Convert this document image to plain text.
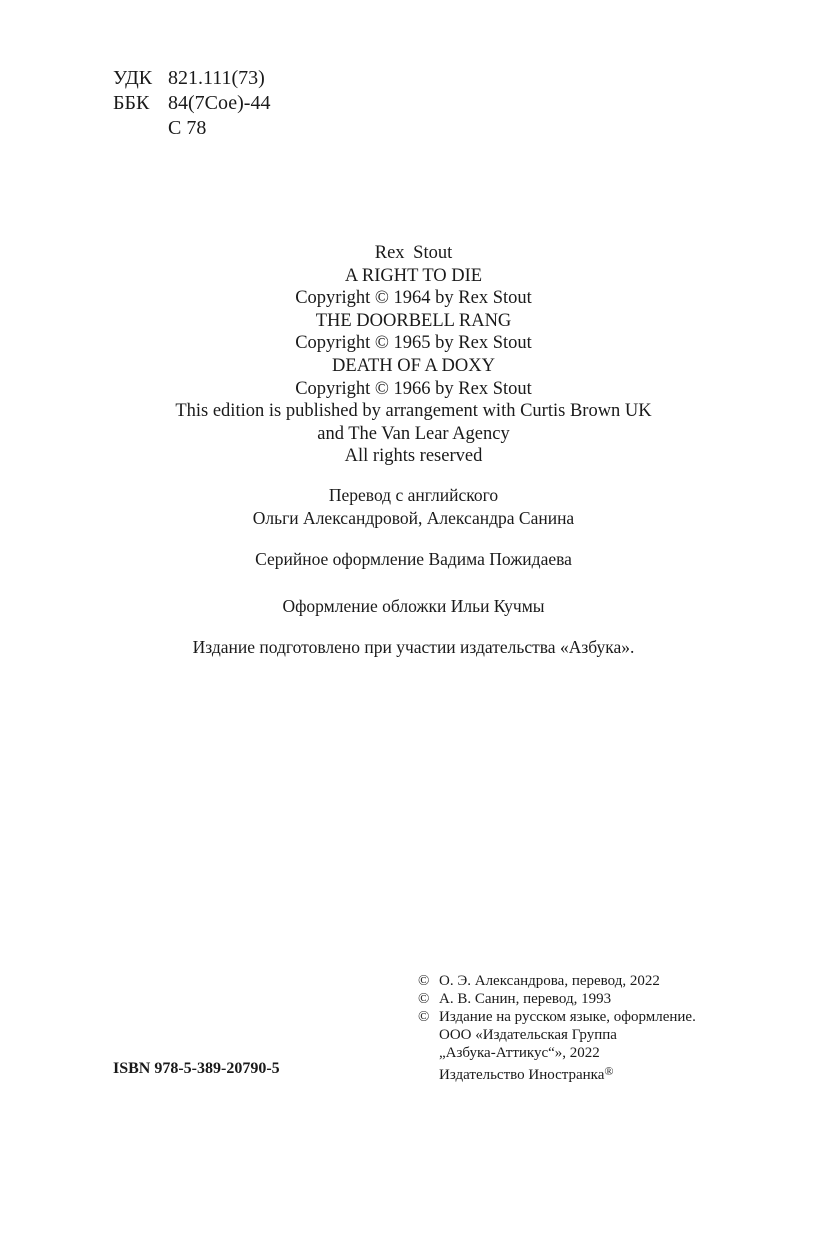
УДК 821.111(73)
ББК 84(7Сое)-44
С 78
Rex Stout
A RIGHT TO DIE
Copyright © 1964 by Rex Stout
THE DOORBELL RANG
Copyright © 1965 by Rex Stout
DEATH OF A DOXY
Copyright © 1966 by Rex Stout
This edition is published by arrangement with Curtis Brown UK
and The Van Lear Agency
All rights reserved
Перевод с английского
Ольги Александровой, Александра Санина
Серийное оформление Вадима Пожидаева
Оформление обложки Ильи Кучмы
Издание подготовлено при участии издательства «Азбука».
ISBN 978-5-389-20790-5
© О. Э. Александрова, перевод, 2022
© А. В. Санин, перевод, 1993
© Издание на русском языке, оформление.
ООО «Издательская Группа
„Азбука-Аттикус“», 2022
Издательство Иностранка®
